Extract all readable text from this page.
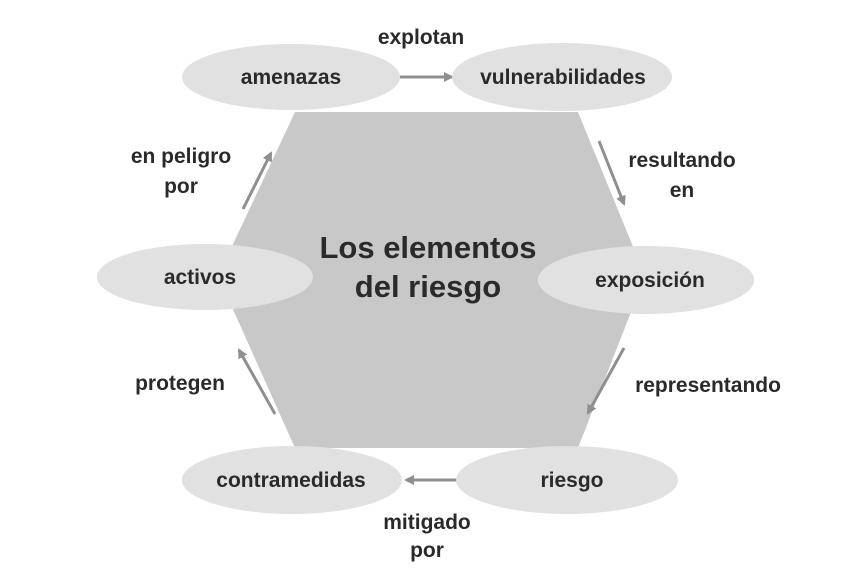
Los elementos
del riesgo
amenazas	vulnerabilidades
exposición
riesgo
contramedidas
activos
explotan
resultando
en
representando
mitigado
por
protegen
en peligro
por
